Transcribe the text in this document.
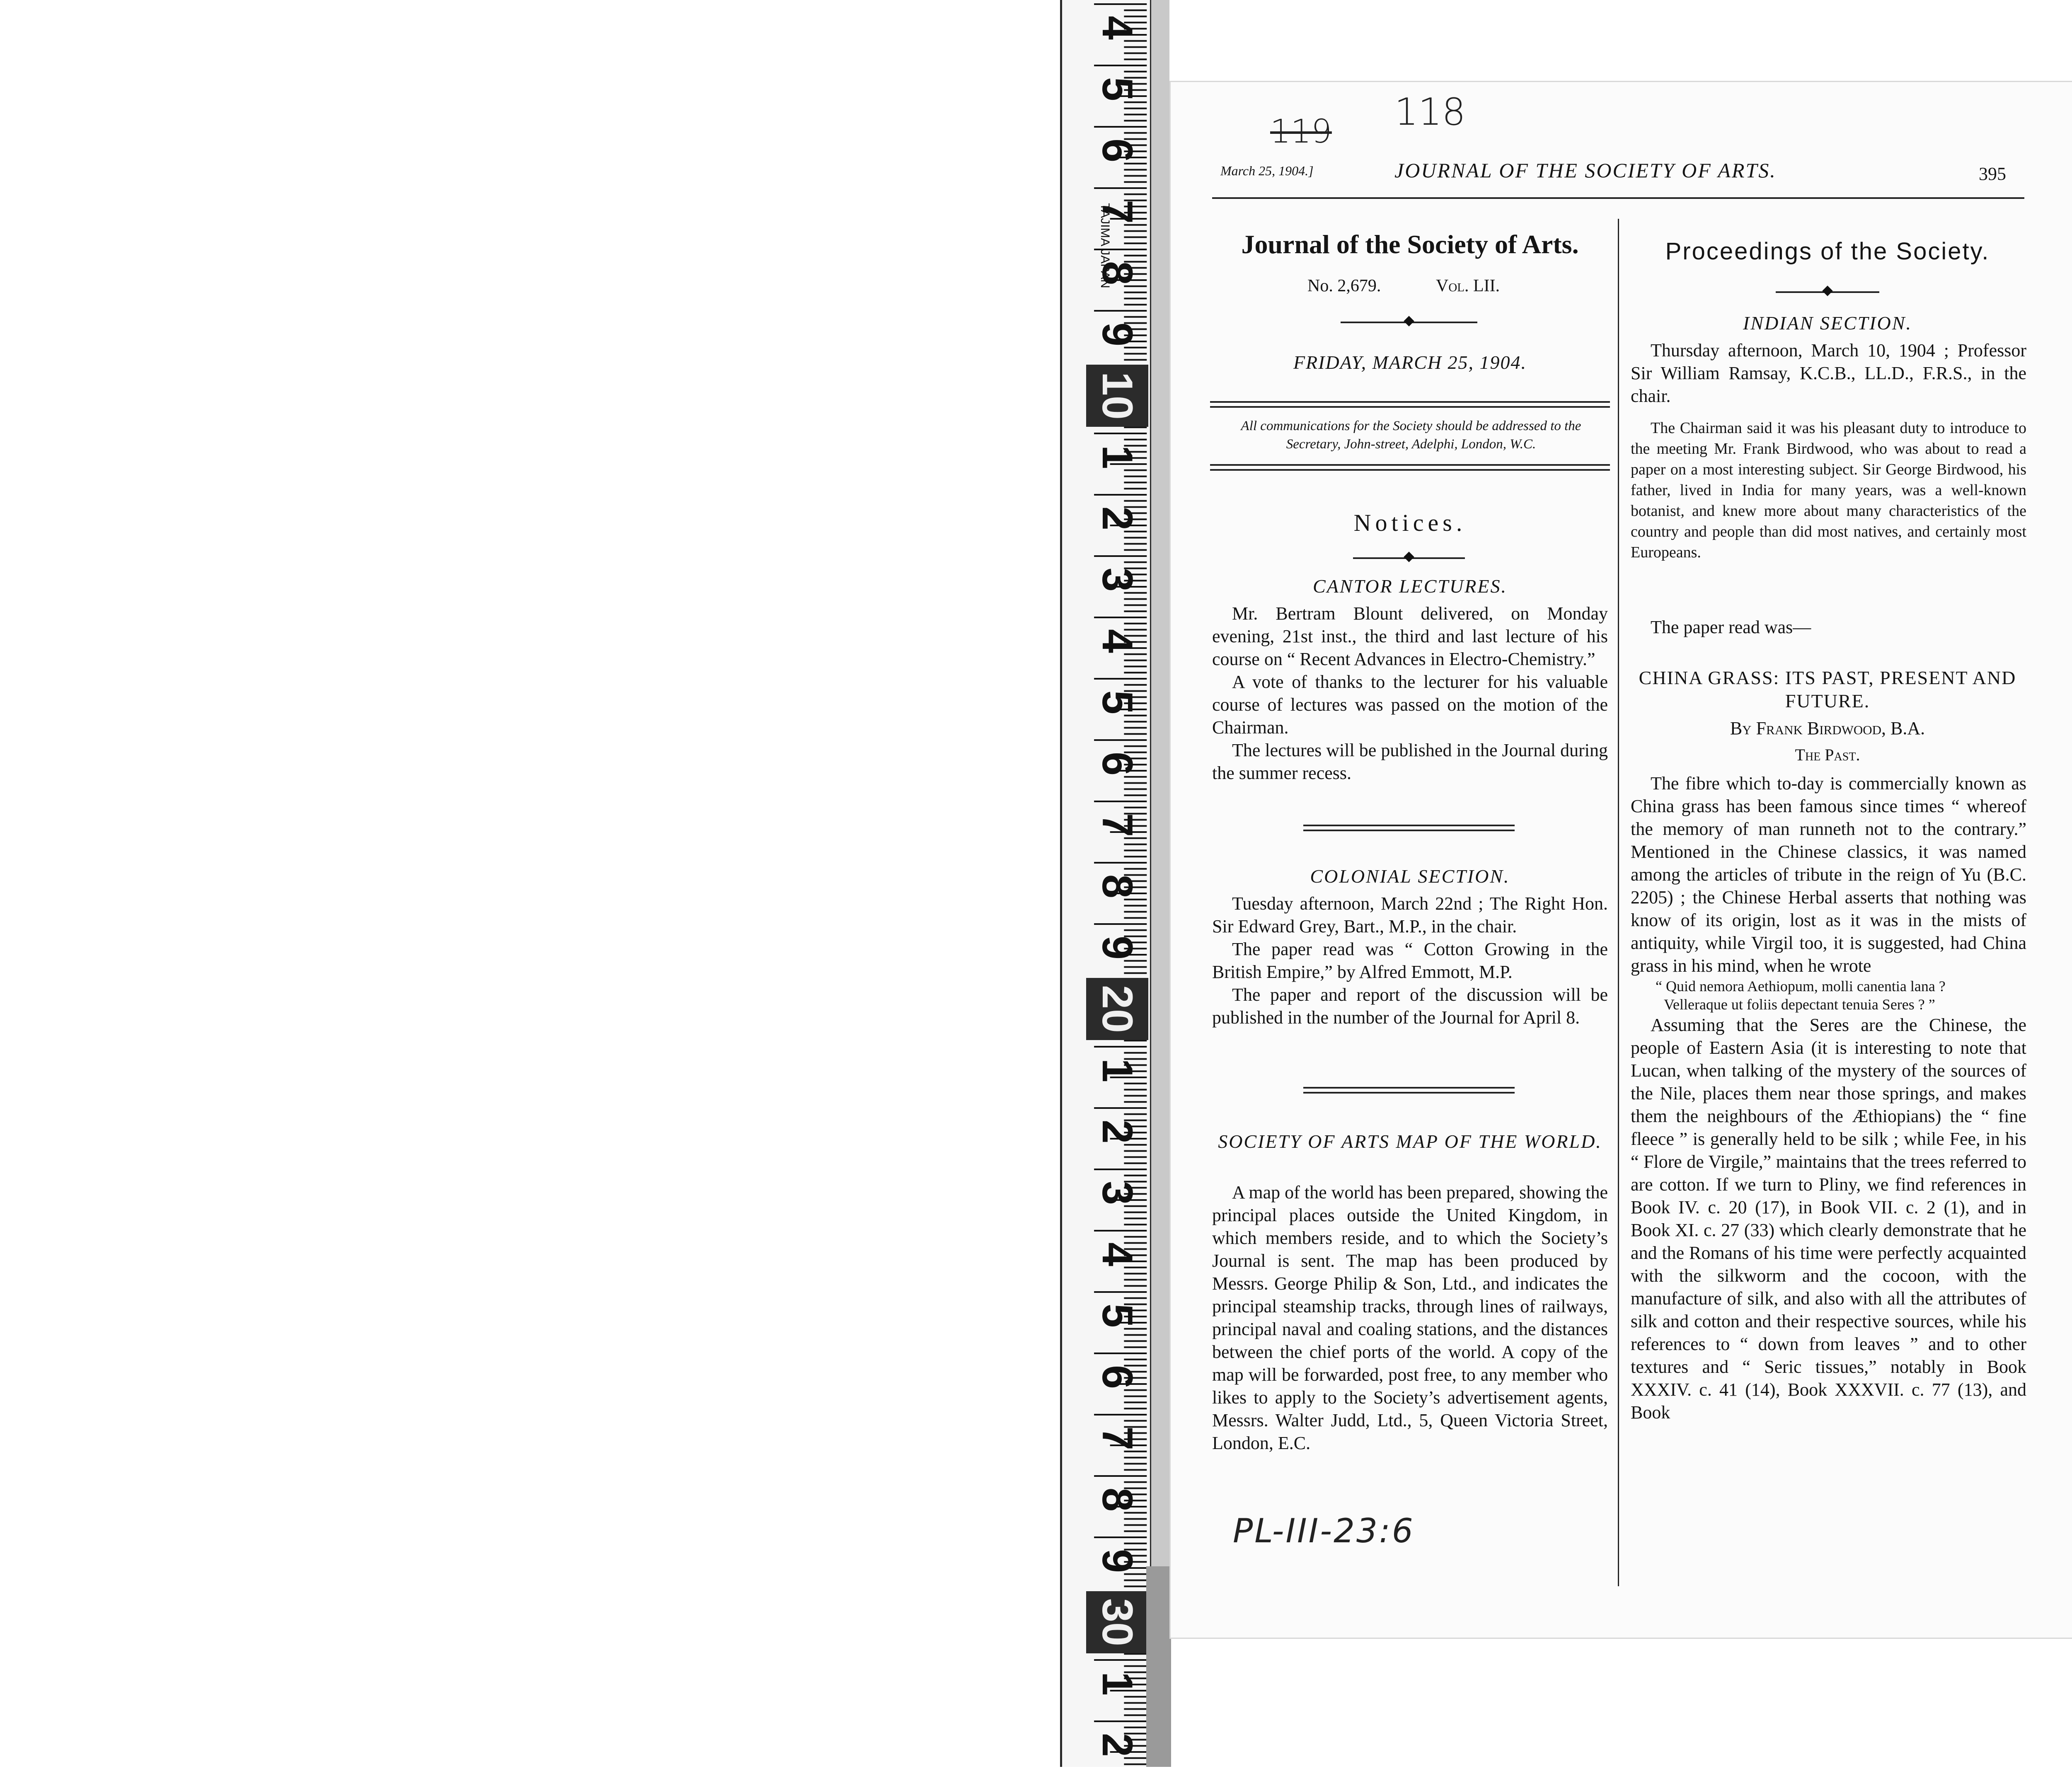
4
5
6
7
8
9
10
1
2
3
4
5
6
7
8
9
20
1
2
3
4
5
6
7
8
9
30
1
2
TAJIMA JAPAN
119 118
March 25, 1904.]	JOURNAL OF THE SOCIETY OF ARTS.	395
Journal of the Society of Arts.
No. 2,679.	Vol. LII.
FRIDAY, MARCH 25, 1904.
All communications for the Society should be addressed to the Secretary, John-street, Adelphi, London, W.C.
Notices.
CANTOR LECTURES.

Mr. Bertram Blount delivered, on Monday evening, 21st inst., the third and last lecture of his course on “ Recent Advances in Electro-Chemistry.”

A vote of thanks to the lecturer for his valuable course of lectures was passed on the motion of the Chairman.

The lectures will be published in the Journal during the summer recess.

COLONIAL SECTION.

Tuesday afternoon, March 22nd ; The Right Hon. Sir Edward Grey, Bart., M.P., in the chair.

The paper read was “ Cotton Growing in the British Empire,” by Alfred Emmott, M.P.

The paper and report of the discussion will be published in the number of the Journal for April 8.

SOCIETY OF ARTS MAP OF THE WORLD.

A map of the world has been prepared, showing the principal places outside the United Kingdom, in which members reside, and to which the Society’s Journal is sent. The map has been produced by Messrs. George Philip & Son, Ltd., and indicates the principal steamship tracks, through lines of railways, principal naval and coaling stations, and the distances between the chief ports of the world. A copy of the map will be forwarded, post free, to any member who likes to apply to the Society’s advertisement agents, Messrs. Walter Judd, Ltd., 5, Queen Victoria Street, London, E.C.

PL-III-23:6
Proceedings of the Society.
INDIAN SECTION.

Thursday afternoon, March 10, 1904 ; Professor Sir William Ramsay, K.C.B., LL.D., F.R.S., in the chair.

The Chairman said it was his pleasant duty to introduce to the meeting Mr. Frank Birdwood, who was about to read a paper on a most interesting subject. Sir George Birdwood, his father, lived in India for many years, was a well-known botanist, and knew more about many characteristics of the country and people than did most natives, and certainly most Europeans.

The paper read was—
CHINA GRASS: ITS PAST, PRESENT AND FUTURE.
By Frank Birdwood, B.A.
The Past.

The fibre which to-day is commercially known as China grass has been famous since times “ whereof the memory of man runneth not to the contrary.” Mentioned in the Chinese classics, it was named among the articles of tribute in the reign of Yu (B.C. 2205) ; the Chinese Herbal asserts that nothing was know of its origin, lost as it was in the mists of antiquity, while Virgil too, it is suggested, had China grass in his mind, when he wrote

“ Quid nemora Aethiopum, molli canentia lana ?

Velleraque ut foliis depectant tenuia Seres ? ”

Assuming that the Seres are the Chinese, the people of Eastern Asia (it is interesting to note that Lucan, when talking of the mystery of the sources of the Nile, places them near those springs, and makes them the neighbours of the Æthiopians) the “ fine fleece ” is generally held to be silk ; while Fee, in his “ Flore de Virgile,” maintains that the trees referred to are cotton. If we turn to Pliny, we find references in Book IV. c. 20 (17), in Book VII. c. 2 (1), and in Book XI. c. 27 (33) which clearly demonstrate that he and the Romans of his time were perfectly acquainted with the silkworm and the cocoon, with the manufacture of silk, and also with all the attributes of silk and cotton and their respective sources, while his references to “ down from leaves ” and to other textures and “ Seric tissues,” notably in Book XXXIV. c. 41 (14), Book XXXVII. c. 77 (13), and Book
